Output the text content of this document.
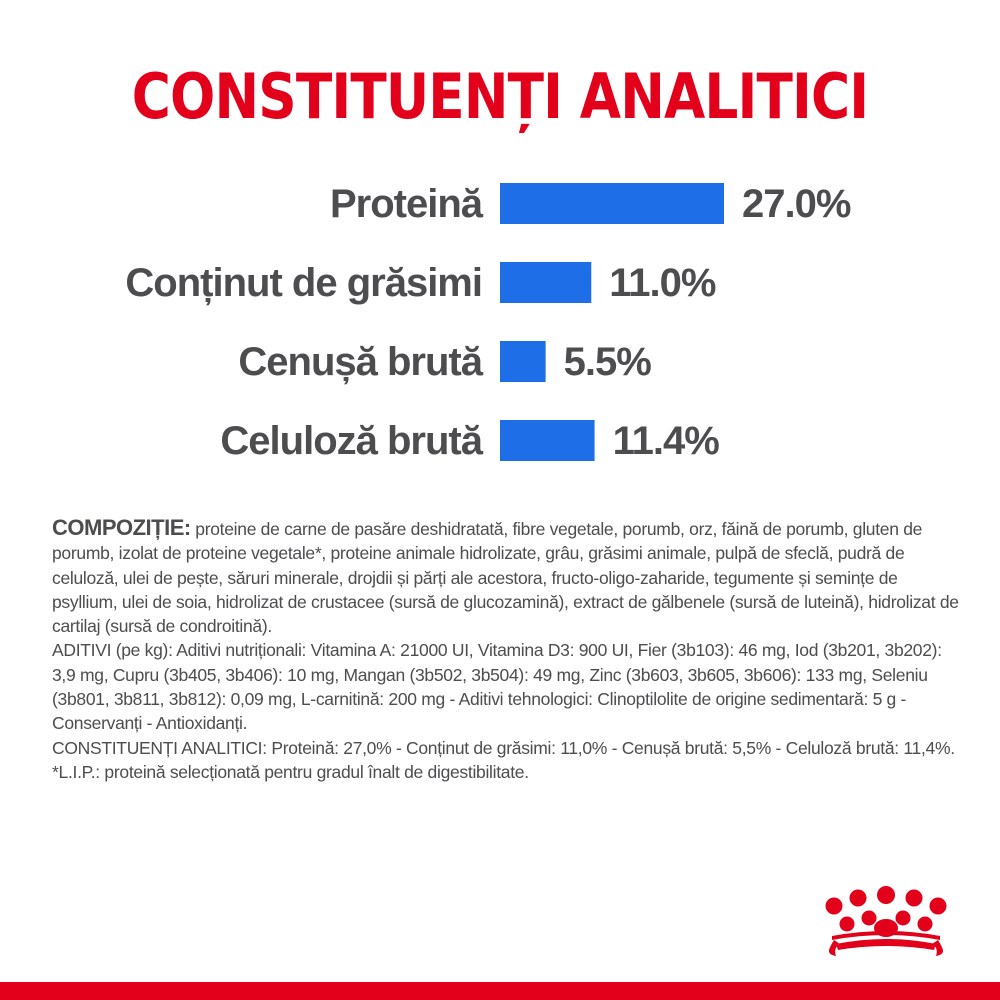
CONSTITUENȚI ANALITICI
Proteină	27.0%
Conținut de grăsimi	11.0%
Cenușă brută 5.5%
Celuloză brută	11.4%

COMPOZIȚIE: proteine de carne de pasăre deshidratată, fibre vegetale, porumb, orz, făină de porumb, gluten de porumb, izolat de proteine vegetale*, proteine animale hidrolizate, grâu, grăsimi animale, pulpă de sfeclă, pudră de celuloză, ulei de pește, săruri minerale, drojdii și părți ale acestora, fructo-oligo-zaharide, tegumente și semințe de psyllium, ulei de soia, hidrolizat de crustacee (sursă de glucozamină), extract de gălbenele (sursă de luteină), hidrolizat de cartilaj (sursă de condroitină).

ADITIVI (pe kg): Aditivi nutriționali: Vitamina A: 21000 UI, Vitamina D3: 900 UI, Fier (3b103): 46 mg, Iod (3b201, 3b202): 3,9 mg, Cupru (3b405, 3b406): 10 mg, Mangan (3b502, 3b504): 49 mg, Zinc (3b603, 3b605, 3b606): 133 mg, Seleniu (3b801, 3b811, 3b812): 0,09 mg, L-carnitină: 200 mg - Aditivi tehnologici: Clinoptilolite de origine sedimentară: 5 g - Conservanți - Antioxidanți.

CONSTITUENȚI ANALITICI: Proteină: 27,0% - Conținut de grăsimi: 11,0% - Cenușă brută: 5,5% - Celuloză brută: 11,4%.

*L.I.P.: proteină selecționată pentru gradul înalt de digestibilitate.
